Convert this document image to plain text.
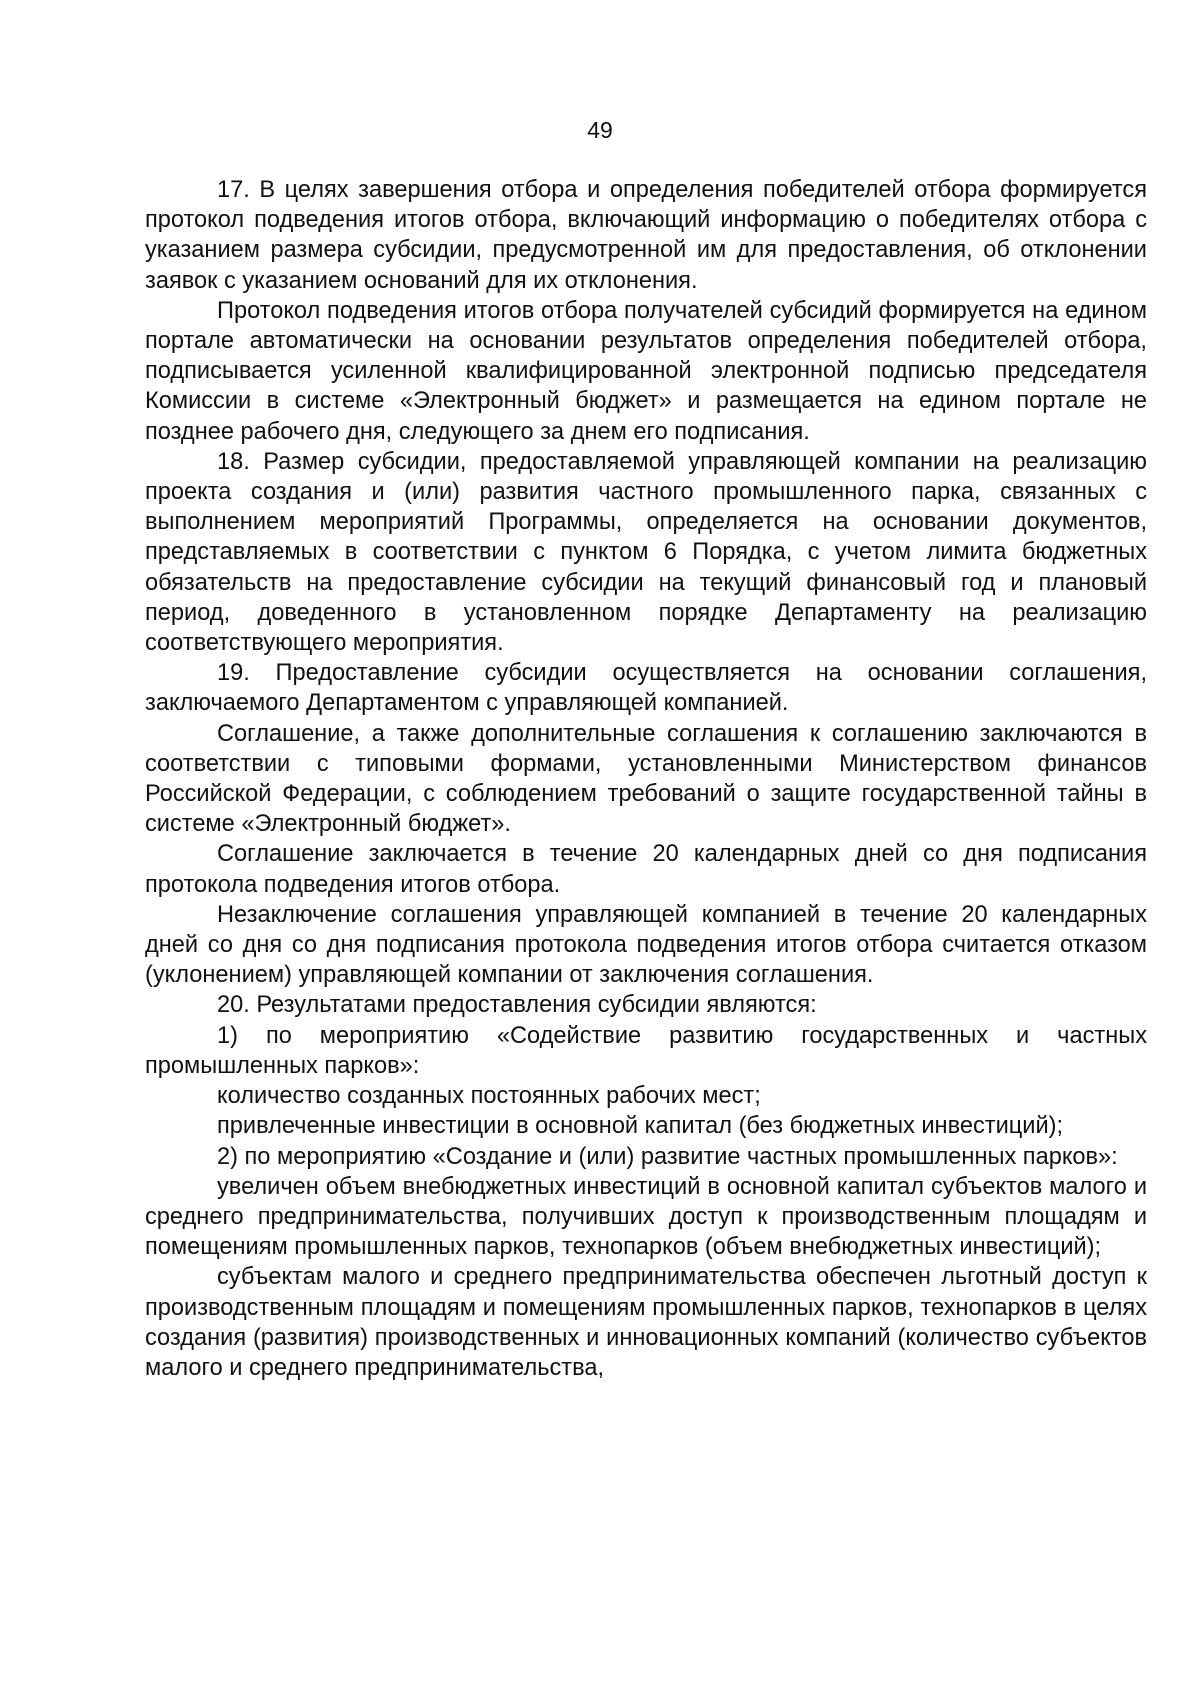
49

17. В целях завершения отбора и определения победителей отбора формируется протокол подведения итогов отбора, включающий информацию о победителях отбора с указанием размера субсидии, предусмотренной им для предоставления, об отклонении заявок с указанием оснований для их отклонения.

Протокол подведения итогов отбора получателей субсидий формируется на едином портале автоматически на основании результатов определения победителей отбора, подписывается усиленной квалифицированной электронной подписью председателя Комиссии в системе «Электронный бюджет» и размещается на едином портале не позднее рабочего дня, следующего за днем его подписания.

18. Размер субсидии, предоставляемой управляющей компании на реализацию проекта создания и (или) развития частного промышленного парка, связанных с выполнением мероприятий Программы, определяется на основании документов, представляемых в соответствии с пунктом 6 Порядка, с учетом лимита бюджетных обязательств на предоставление субсидии на текущий финансовый год и плановый период, доведенного в установленном порядке Департаменту на реализацию соответствующего мероприятия.

19. Предоставление субсидии осуществляется на основании соглашения, заключаемого Департаментом с управляющей компанией.

Соглашение, а также дополнительные соглашения к соглашению заключаются в соответствии с типовыми формами, установленными Министерством финансов Российской Федерации, с соблюдением требований о защите государственной тайны в системе «Электронный бюджет».

Соглашение заключается в течение 20 календарных дней со дня подписания протокола подведения итогов отбора.

Незаключение соглашения управляющей компанией в течение 20 календарных дней со дня со дня подписания протокола подведения итогов отбора считается отказом (уклонением) управляющей компании от заключения соглашения.

20. Результатами предоставления субсидии являются:

1) по мероприятию «Содействие развитию государственных и частных промышленных парков»:

количество созданных постоянных рабочих мест;

привлеченные инвестиции в основной капитал (без бюджетных инвестиций);

2) по мероприятию «Создание и (или) развитие частных промышленных парков»:

увеличен объем внебюджетных инвестиций в основной капитал субъектов малого и среднего предпринимательства, получивших доступ к производственным площадям и помещениям промышленных парков, технопарков (объем внебюджетных инвестиций);

субъектам малого и среднего предпринимательства обеспечен льготный доступ к производственным площадям и помещениям промышленных парков, технопарков в целях создания (развития) производственных и инновационных компаний (количество субъектов малого и среднего предпринимательства,
